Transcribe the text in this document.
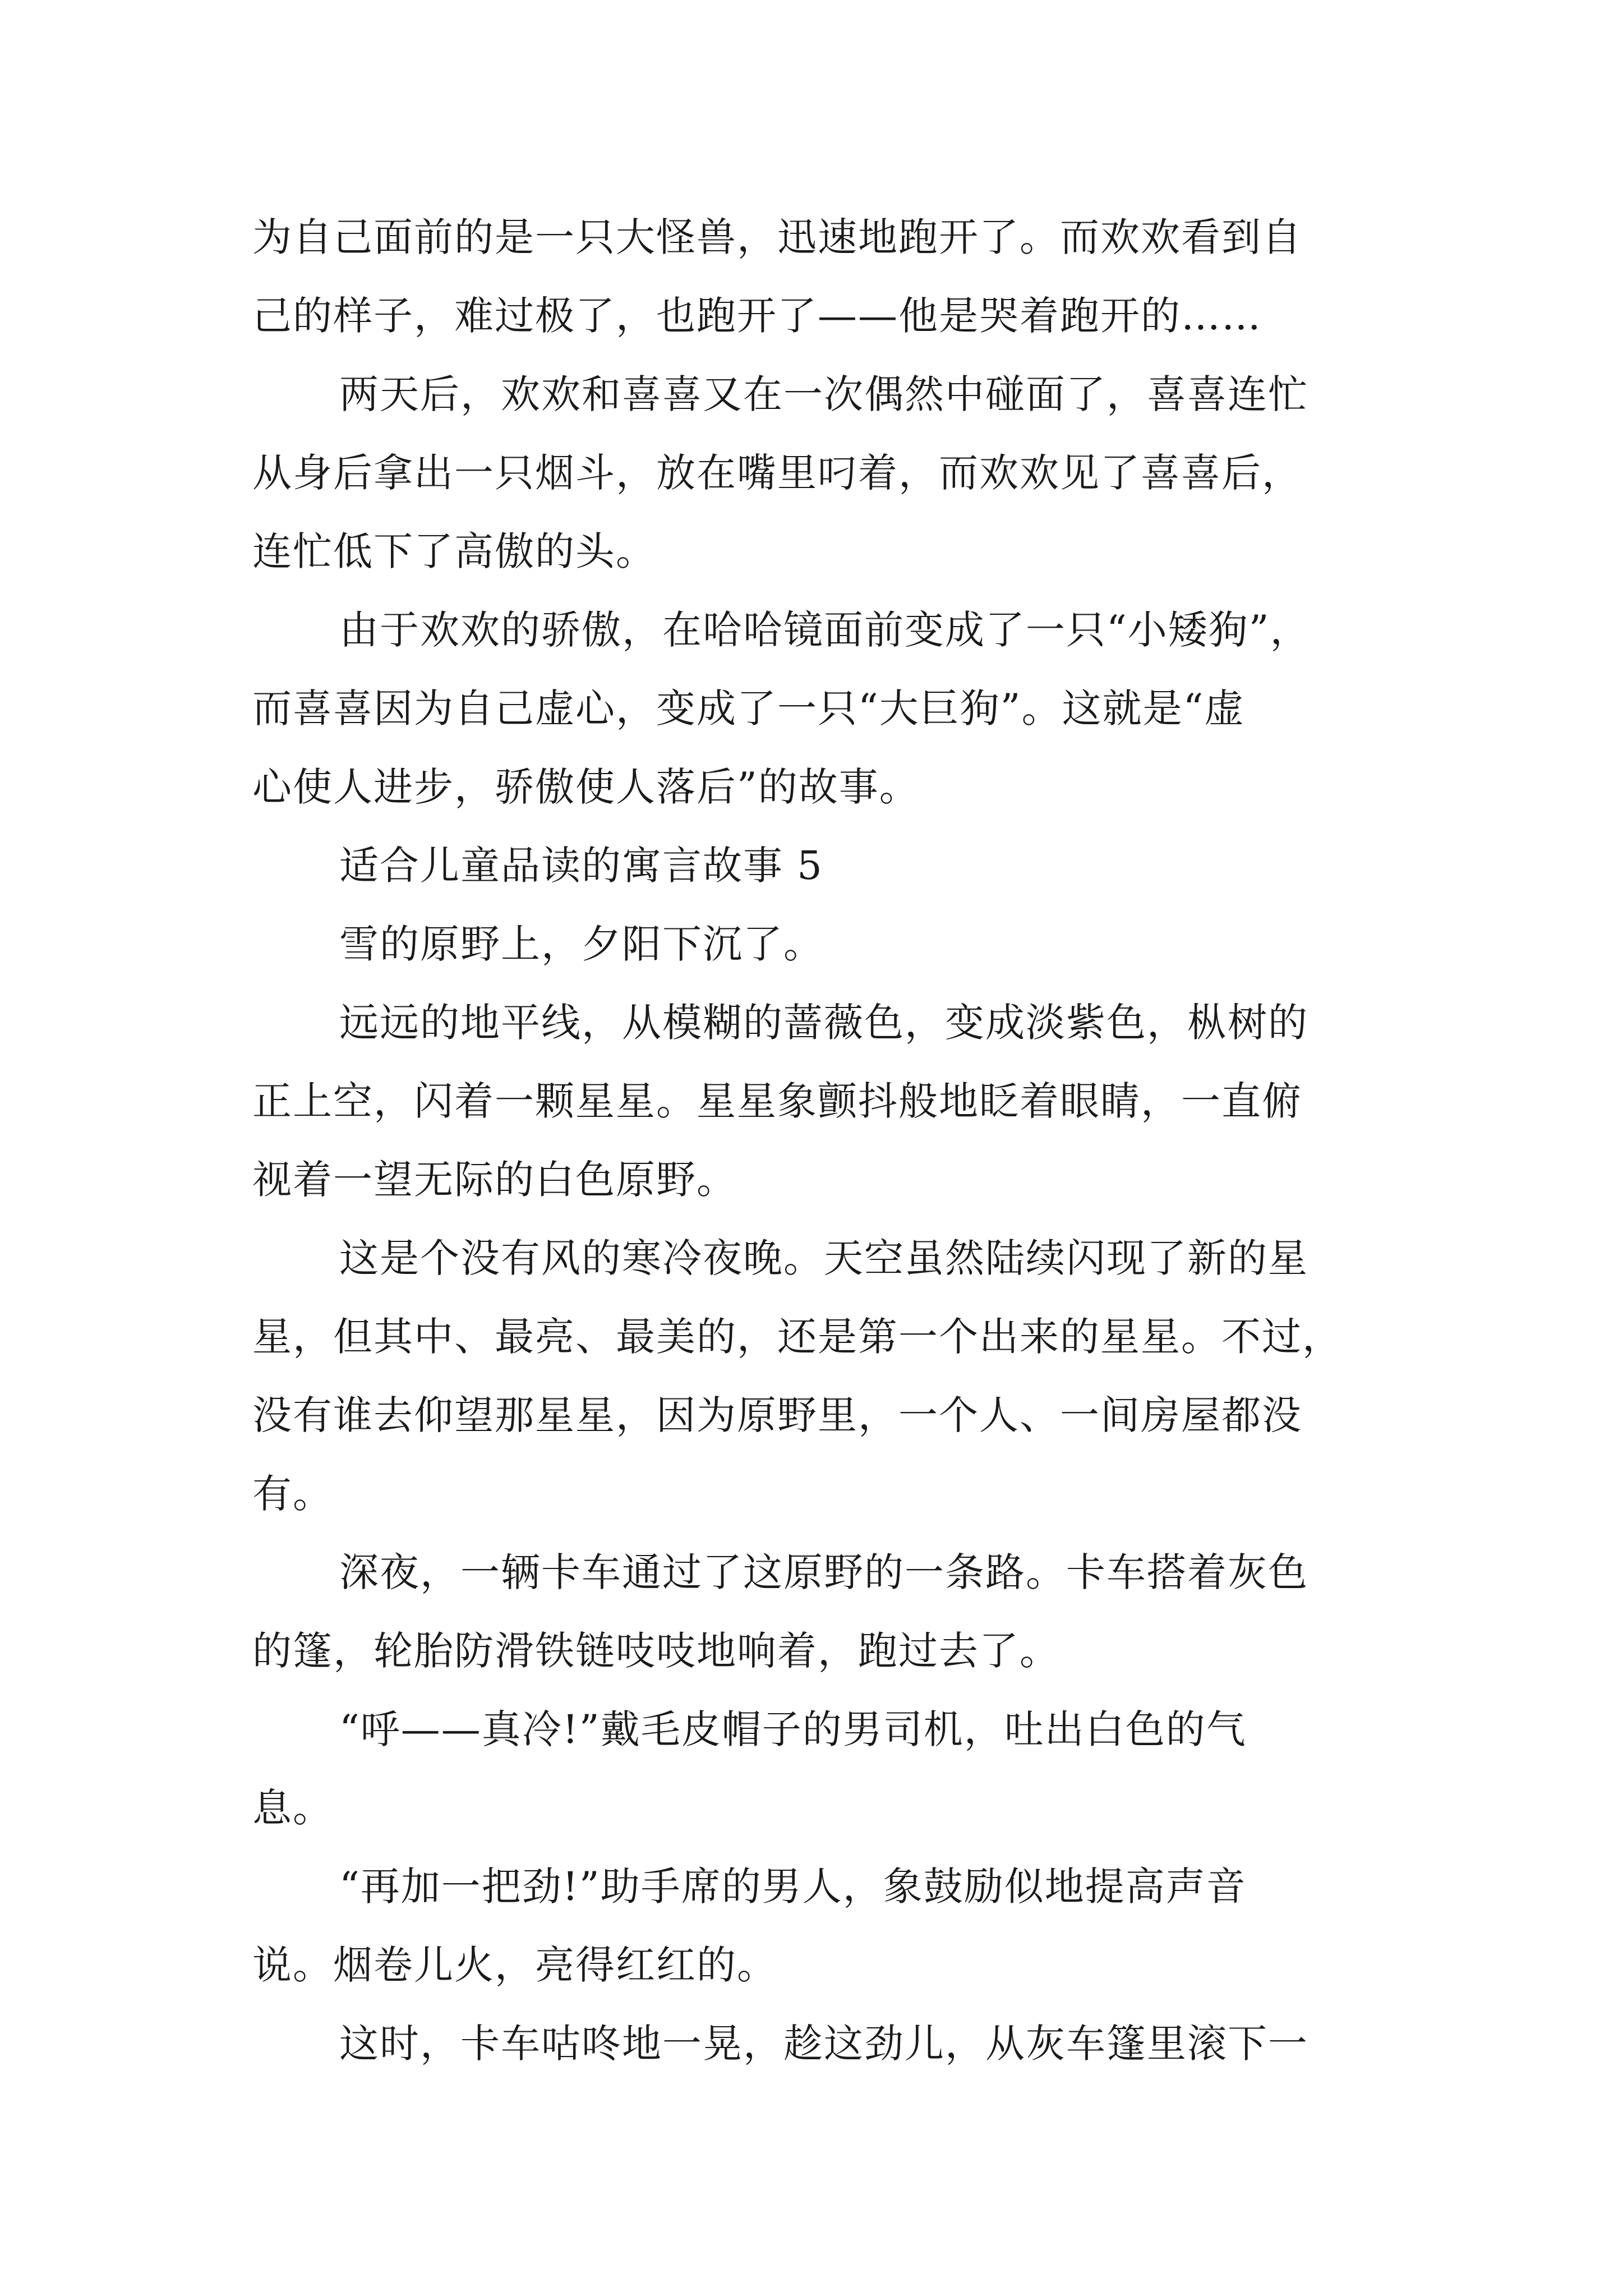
为自己面前的是一只大怪兽，迅速地跑开了。而欢欢看到自
己的样子，难过极了，也跑开了——他是哭着跑开的……
两天后，欢欢和喜喜又在一次偶然中碰面了，喜喜连忙
从身后拿出一只烟斗，放在嘴里叼着，而欢欢见了喜喜后，
连忙低下了高傲的头。
由于欢欢的骄傲，在哈哈镜面前变成了一只“小矮狗”，
而喜喜因为自己虚心，变成了一只“大巨狗”。这就是“虚
心使人进步，骄傲使人落后”的故事。
适合儿童品读的寓言故事 5
雪的原野上，夕阳下沉了。
远远的地平线，从模糊的蔷薇色，变成淡紫色，枞树的
正上空，闪着一颗星星。星星象颤抖般地眨着眼睛，一直俯
视着一望无际的白色原野。
这是个没有风的寒冷夜晚。天空虽然陆续闪现了新的星
星，但其中、最亮、最美的，还是第一个出来的星星。不过，
没有谁去仰望那星星，因为原野里，一个人、一间房屋都没
有。
深夜，一辆卡车通过了这原野的一条路。卡车搭着灰色
的篷，轮胎防滑铁链吱吱地响着，跑过去了。
“呼——真冷!”戴毛皮帽子的男司机，吐出白色的气
息。
“再加一把劲!”助手席的男人，象鼓励似地提高声音
说。烟卷儿火，亮得红红的。
这时，卡车咕咚地一晃，趁这劲儿，从灰车篷里滚下一
